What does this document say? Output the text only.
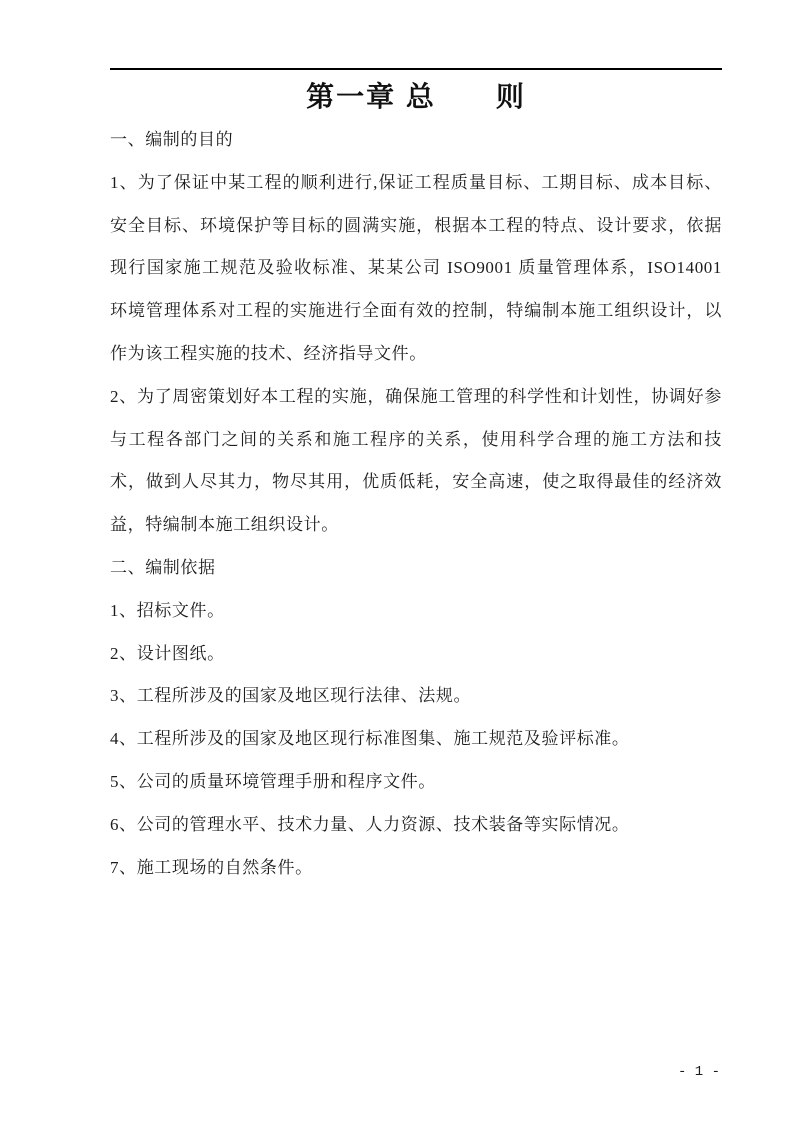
第一章 总　　则

一、编制的目的

1、为了保证中某工程的顺利进行,保证工程质量目标、工期目标、成本目标、安全目标、环境保护等目标的圆满实施，根据本工程的特点、设计要求，依据现行国家施工规范及验收标准、某某公司 ISO9001 质量管理体系，ISO14001 环境管理体系对工程的实施进行全面有效的控制，特编制本施工组织设计，以作为该工程实施的技术、经济指导文件。

2、为了周密策划好本工程的实施，确保施工管理的科学性和计划性，协调好参与工程各部门之间的关系和施工程序的关系，使用科学合理的施工方法和技术，做到人尽其力，物尽其用，优质低耗，安全高速，使之取得最佳的经济效益，特编制本施工组织设计。

二、编制依据

1、招标文件。

2、设计图纸。

3、工程所涉及的国家及地区现行法律、法规。

4、工程所涉及的国家及地区现行标准图集、施工规范及验评标准。

5、公司的质量环境管理手册和程序文件。

6、公司的管理水平、技术力量、人力资源、技术装备等实际情况。

7、施工现场的自然条件。

- 1 -
